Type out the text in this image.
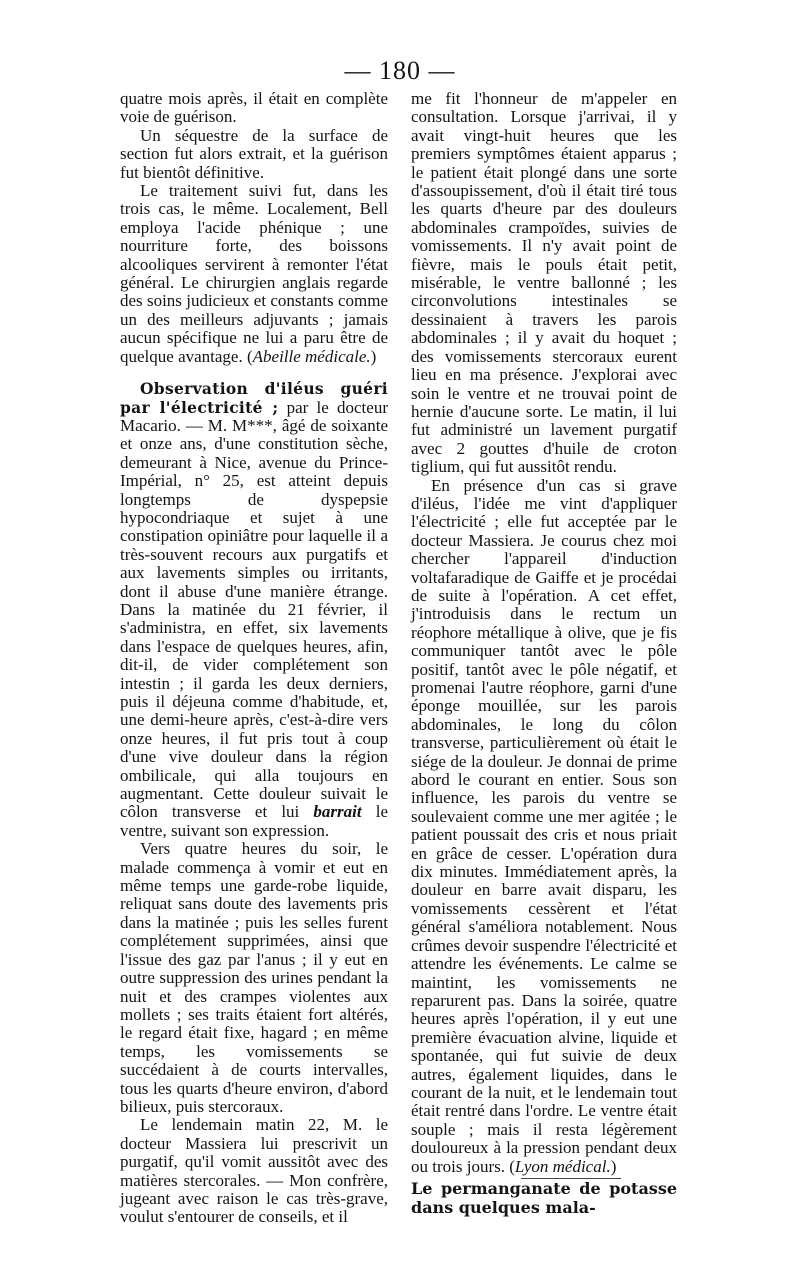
— 180 —

quatre mois après, il était en complète voie de guérison.

Un séquestre de la surface de section fut alors extrait, et la guérison fut bientôt définitive.

Le traitement suivi fut, dans les trois cas, le même. Localement, Bell employa l'acide phénique ; une nourriture forte, des boissons alcooliques servirent à remonter l'état général. Le chirurgien anglais regarde des soins judicieux et constants comme un des meilleurs adjuvants ; jamais aucun spécifique ne lui a paru être de quelque avantage. (Abeille médicale.)

Observation d'iléus guéri par l'électricité ; par le docteur Macario. — M. M***, âgé de soixante et onze ans, d'une constitution sèche, demeurant à Nice, avenue du Prince-Impérial, n° 25, est atteint depuis longtemps de dyspepsie hypocondriaque et sujet à une constipation opiniâtre pour laquelle il a très-souvent recours aux purgatifs et aux lavements simples ou irritants, dont il abuse d'une manière étrange. Dans la matinée du 21 février, il s'administra, en effet, six lavements dans l'espace de quelques heures, afin, dit-il, de vider complétement son intestin ; il garda les deux derniers, puis il déjeuna comme d'habitude, et, une demi-heure après, c'est-à-dire vers onze heures, il fut pris tout à coup d'une vive douleur dans la région ombilicale, qui alla toujours en augmentant. Cette douleur suivait le côlon transverse et lui barrait le ventre, suivant son expression.

Vers quatre heures du soir, le malade commença à vomir et eut en même temps une garde-robe liquide, reliquat sans doute des lavements pris dans la matinée ; puis les selles furent complétement supprimées, ainsi que l'issue des gaz par l'anus ; il y eut en outre suppression des urines pendant la nuit et des crampes violentes aux mollets ; ses traits étaient fort altérés, le regard était fixe, hagard ; en même temps, les vomissements se succédaient à de courts intervalles, tous les quarts d'heure environ, d'abord bilieux, puis stercoraux.

Le lendemain matin 22, M. le docteur Massiera lui prescrivit un purgatif, qu'il vomit aussitôt avec des matières stercorales. — Mon confrère, jugeant avec raison le cas très-grave, voulut s'entourer de conseils, et il

me fit l'honneur de m'appeler en consultation. Lorsque j'arrivai, il y avait vingt-huit heures que les premiers symptômes étaient apparus ; le patient était plongé dans une sorte d'assoupissement, d'où il était tiré tous les quarts d'heure par des douleurs abdominales crampoïdes, suivies de vomissements. Il n'y avait point de fièvre, mais le pouls était petit, misérable, le ventre ballonné ; les circonvolutions intestinales se dessinaient à travers les parois abdominales ; il y avait du hoquet ; des vomissements stercoraux eurent lieu en ma présence. J'explorai avec soin le ventre et ne trouvai point de hernie d'aucune sorte. Le matin, il lui fut administré un lavement purgatif avec 2 gouttes d'huile de croton tiglium, qui fut aussitôt rendu.

En présence d'un cas si grave d'iléus, l'idée me vint d'appliquer l'électricité ; elle fut acceptée par le docteur Massiera. Je courus chez moi chercher l'appareil d'induction voltafaradique de Gaiffe et je procédai de suite à l'opération. A cet effet, j'introduisis dans le rectum un réophore métallique à olive, que je fis communiquer tantôt avec le pôle positif, tantôt avec le pôle négatif, et promenai l'autre réophore, garni d'une éponge mouillée, sur les parois abdominales, le long du côlon transverse, particulièrement où était le siége de la douleur. Je donnai de prime abord le courant en entier. Sous son influence, les parois du ventre se soulevaient comme une mer agitée ; le patient poussait des cris et nous priait en grâce de cesser. L'opération dura dix minutes. Immédiatement après, la douleur en barre avait disparu, les vomissements cessèrent et l'état général s'améliora notablement. Nous crûmes devoir suspendre l'électricité et attendre les événements. Le calme se maintint, les vomissements ne reparurent pas. Dans la soirée, quatre heures après l'opération, il y eut une première évacuation alvine, liquide et spontanée, qui fut suivie de deux autres, également liquides, dans le courant de la nuit, et le lendemain tout était rentré dans l'ordre. Le ventre était souple ; mais il resta légèrement douloureux à la pression pendant deux ou trois jours. (Lyon médical.)

Le permanganate de potasse dans quelques mala-
